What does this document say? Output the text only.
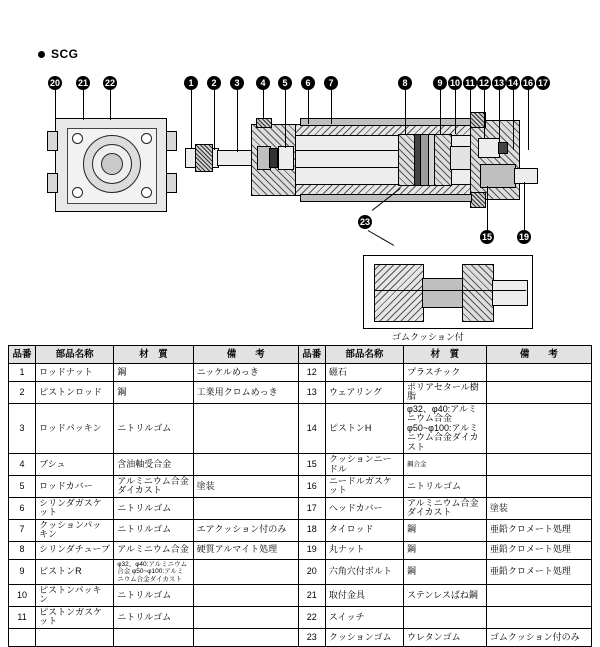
SCG
20 21 22	1	2	3	4	5	6	7	8	9 10 11 12 13 14 16 17
15	19
23
ゴムクッション付
品番	部品名称	材　質	備　　考	品番	部品名称	材　質	備　　考
1	ロッドナット	鋼	ニッケルめっき	12	磁石	プラスチック	
2	ピストンロッド	鋼	工業用クロムめっき	13	ウェアリング	ポリアセタール樹脂	
3	ロッドパッキン	ニトリルゴム		14	ピストンH	φ32、φ40:アルミニウム合金 φ50~φ100:アルミニウム合金ダイカスト	
4	ブシュ	含油軸受合金		15	クッションニードル	鋼合金	

5	ロッドカバー	アルミニウム合金ダイカスト	塗装	16	ニードルガスケット	ニトリルゴム	
6	シリンダガスケット	ニトリルゴム		17	ヘッドカバー	アルミニウム合金ダイカスト	塗装
7	クッションパッキン	ニトリルゴム	エアクッション付のみ	18	タイロッド	鋼	亜鉛クロメート処理
8	シリンダチューブ	アルミニウム合金	硬質アルマイト処理	19	丸ナット	鋼	亜鉛クロメート処理
9	ピストンR	φ32、φ40:アルミニウム合金 φ50~φ100:アルミニウム合金ダイカスト		20	六角穴付ボルト	鋼	亜鉛クロメート処理
10	ピストンパッキン	ニトリルゴム		21	取付金具	ステンレスばね鋼	
11	ピストンガスケット	ニトリルゴム		22	スイッチ		
				23	クッションゴム	ウレタンゴム	ゴムクッション付のみ
